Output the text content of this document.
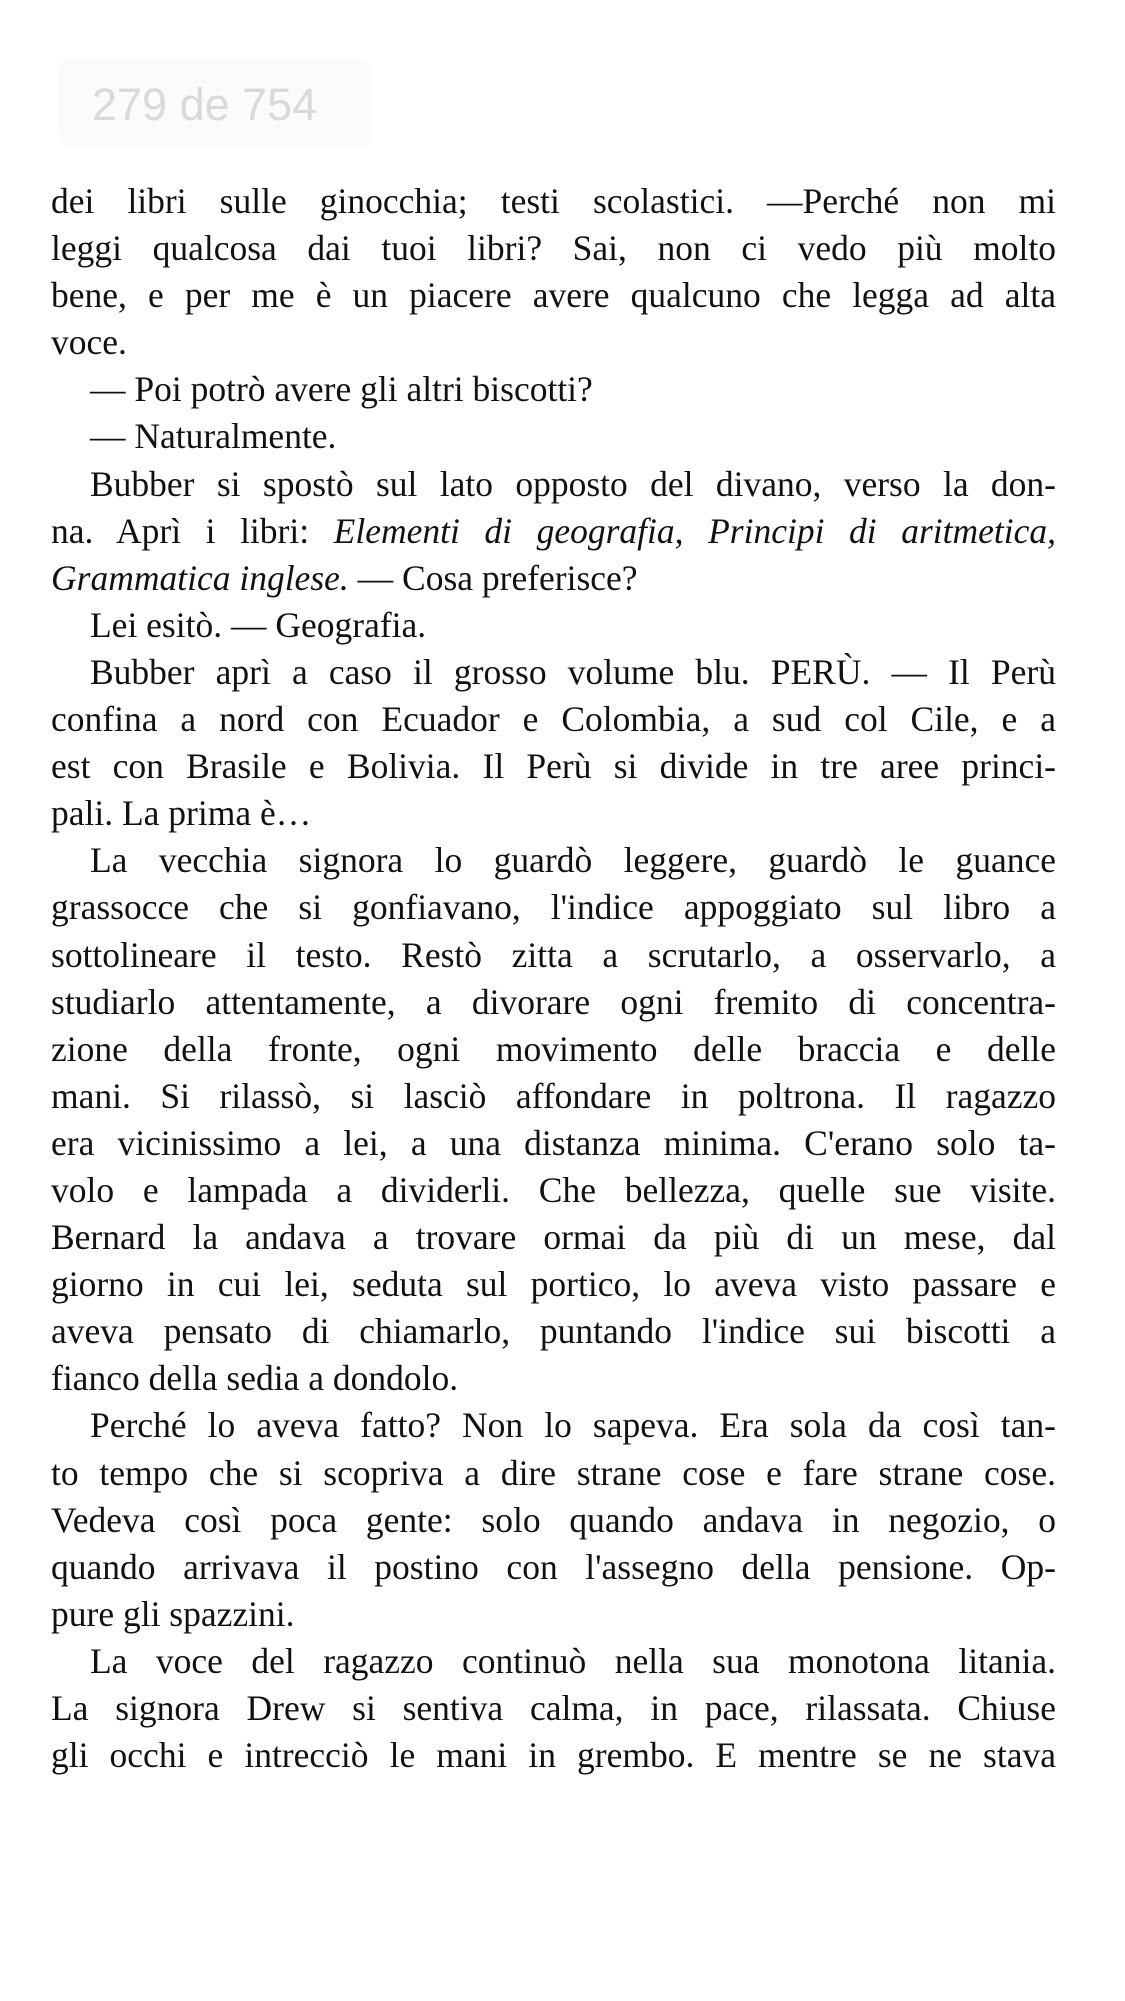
279 de 754
dei libri sulle ginocchia; testi scolastici. —Perché non mi
leggi qualcosa dai tuoi libri? Sai, non ci vedo più molto
bene, e per me è un piacere avere qualcuno che legga ad alta
voce.
— Poi potrò avere gli altri biscotti?
— Naturalmente.
Bubber si spostò sul lato opposto del divano, verso la don-
na. Aprì i libri: Elementi di geografia, Principi di aritmetica,
Grammatica inglese. — Cosa preferisce?
Lei esitò. — Geografia.
Bubber aprì a caso il grosso volume blu. PERÙ. — Il Perù
confina a nord con Ecuador e Colombia, a sud col Cile, e a
est con Brasile e Bolivia. Il Perù si divide in tre aree princi-
pali. La prima è…
La vecchia signora lo guardò leggere, guardò le guance
grassocce che si gonfiavano, l'indice appoggiato sul libro a
sottolineare il testo. Restò zitta a scrutarlo, a osservarlo, a
studiarlo attentamente, a divorare ogni fremito di concentra-
zione della fronte, ogni movimento delle braccia e delle
mani. Si rilassò, si lasciò affondare in poltrona. Il ragazzo
era vicinissimo a lei, a una distanza minima. C'erano solo ta-
volo e lampada a dividerli. Che bellezza, quelle sue visite.
Bernard la andava a trovare ormai da più di un mese, dal
giorno in cui lei, seduta sul portico, lo aveva visto passare e
aveva pensato di chiamarlo, puntando l'indice sui biscotti a
fianco della sedia a dondolo.
Perché lo aveva fatto? Non lo sapeva. Era sola da così tan-
to tempo che si scopriva a dire strane cose e fare strane cose.
Vedeva così poca gente: solo quando andava in negozio, o
quando arrivava il postino con l'assegno della pensione. Op-
pure gli spazzini.
La voce del ragazzo continuò nella sua monotona litania.
La signora Drew si sentiva calma, in pace, rilassata. Chiuse
gli occhi e intrecciò le mani in grembo. E mentre se ne stava
